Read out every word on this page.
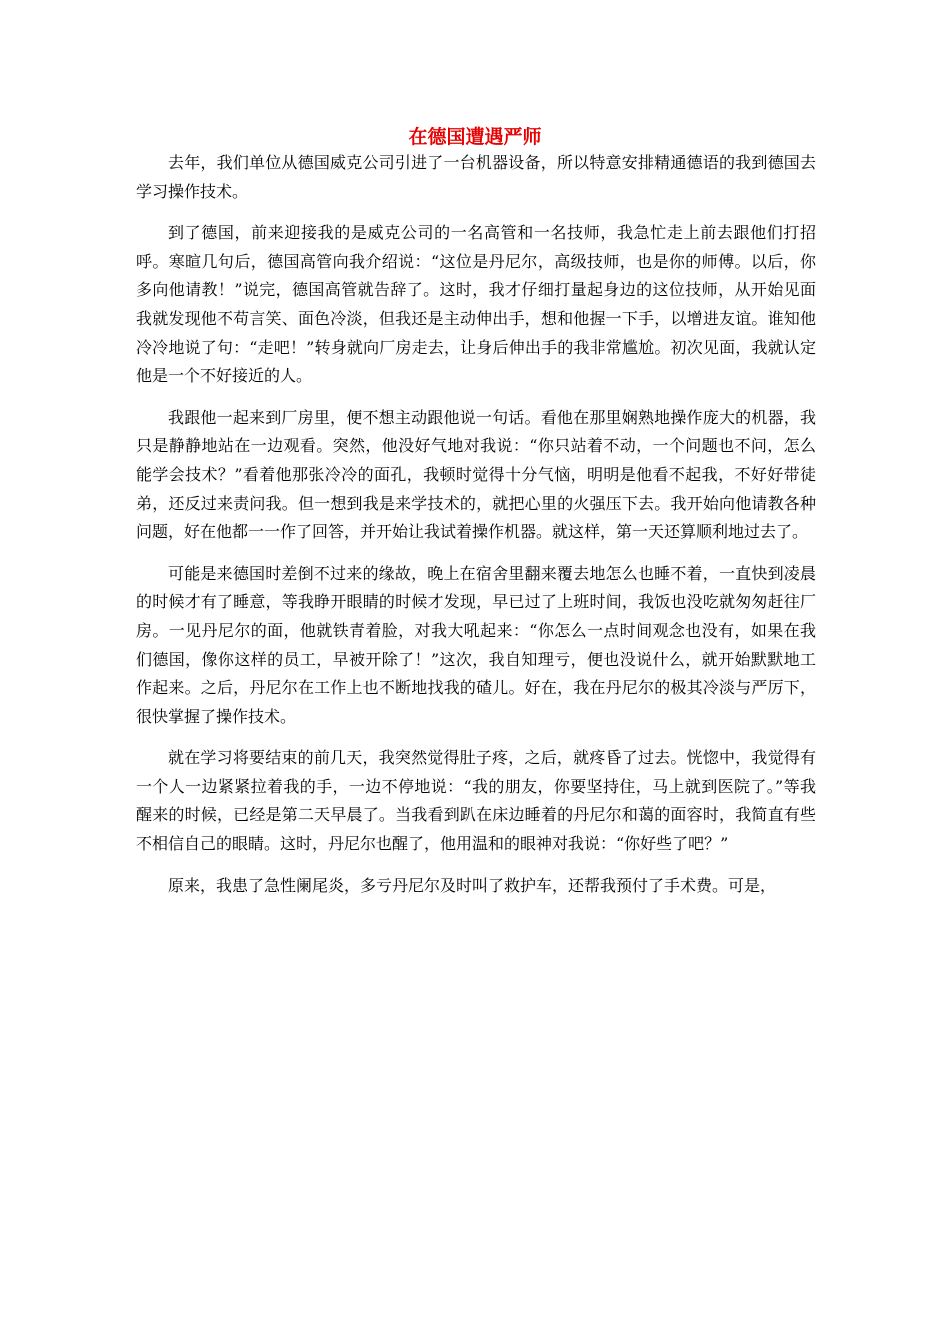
在德国遭遇严师

去年，我们单位从德国威克公司引进了一台机器设备，所以特意安排精通德语的我到德国去学习操作技术。

到了德国，前来迎接我的是威克公司的一名高管和一名技师，我急忙走上前去跟他们打招呼。寒暄几句后，德国高管向我介绍说：“这位是丹尼尔，高级技师，也是你的师傅。以后，你多向他请教！”说完，德国高管就告辞了。这时，我才仔细打量起身边的这位技师，从开始见面我就发现他不苟言笑、面色冷淡，但我还是主动伸出手，想和他握一下手，以增进友谊。谁知他冷冷地说了句：“走吧！”转身就向厂房走去，让身后伸出手的我非常尴尬。初次见面，我就认定他是一个不好接近的人。

我跟他一起来到厂房里，便不想主动跟他说一句话。看他在那里娴熟地操作庞大的机器，我只是静静地站在一边观看。突然，他没好气地对我说：“你只站着不动，一个问题也不问，怎么能学会技术？”看着他那张冷冷的面孔，我顿时觉得十分气恼，明明是他看不起我，不好好带徒弟，还反过来责问我。但一想到我是来学技术的，就把心里的火强压下去。我开始向他请教各种问题，好在他都一一作了回答，并开始让我试着操作机器。就这样，第一天还算顺利地过去了。

可能是来德国时差倒不过来的缘故，晚上在宿舍里翻来覆去地怎么也睡不着，一直快到凌晨的时候才有了睡意，等我睁开眼睛的时候才发现，早已过了上班时间，我饭也没吃就匆匆赶往厂房。一见丹尼尔的面，他就铁青着脸，对我大吼起来：“你怎么一点时间观念也没有，如果在我们德国，像你这样的员工，早被开除了！”这次，我自知理亏，便也没说什么，就开始默默地工作起来。之后，丹尼尔在工作上也不断地找我的碴儿。好在，我在丹尼尔的极其冷淡与严厉下，很快掌握了操作技术。

就在学习将要结束的前几天，我突然觉得肚子疼，之后，就疼昏了过去。恍惚中，我觉得有一个人一边紧紧拉着我的手，一边不停地说：“我的朋友，你要坚持住，马上就到医院了。”等我醒来的时候，已经是第二天早晨了。当我看到趴在床边睡着的丹尼尔和蔼的面容时，我简直有些不相信自己的眼睛。这时，丹尼尔也醒了，他用温和的眼神对我说：“你好些了吧？”

原来，我患了急性阑尾炎，多亏丹尼尔及时叫了救护车，还帮我预付了手术费。可是，
